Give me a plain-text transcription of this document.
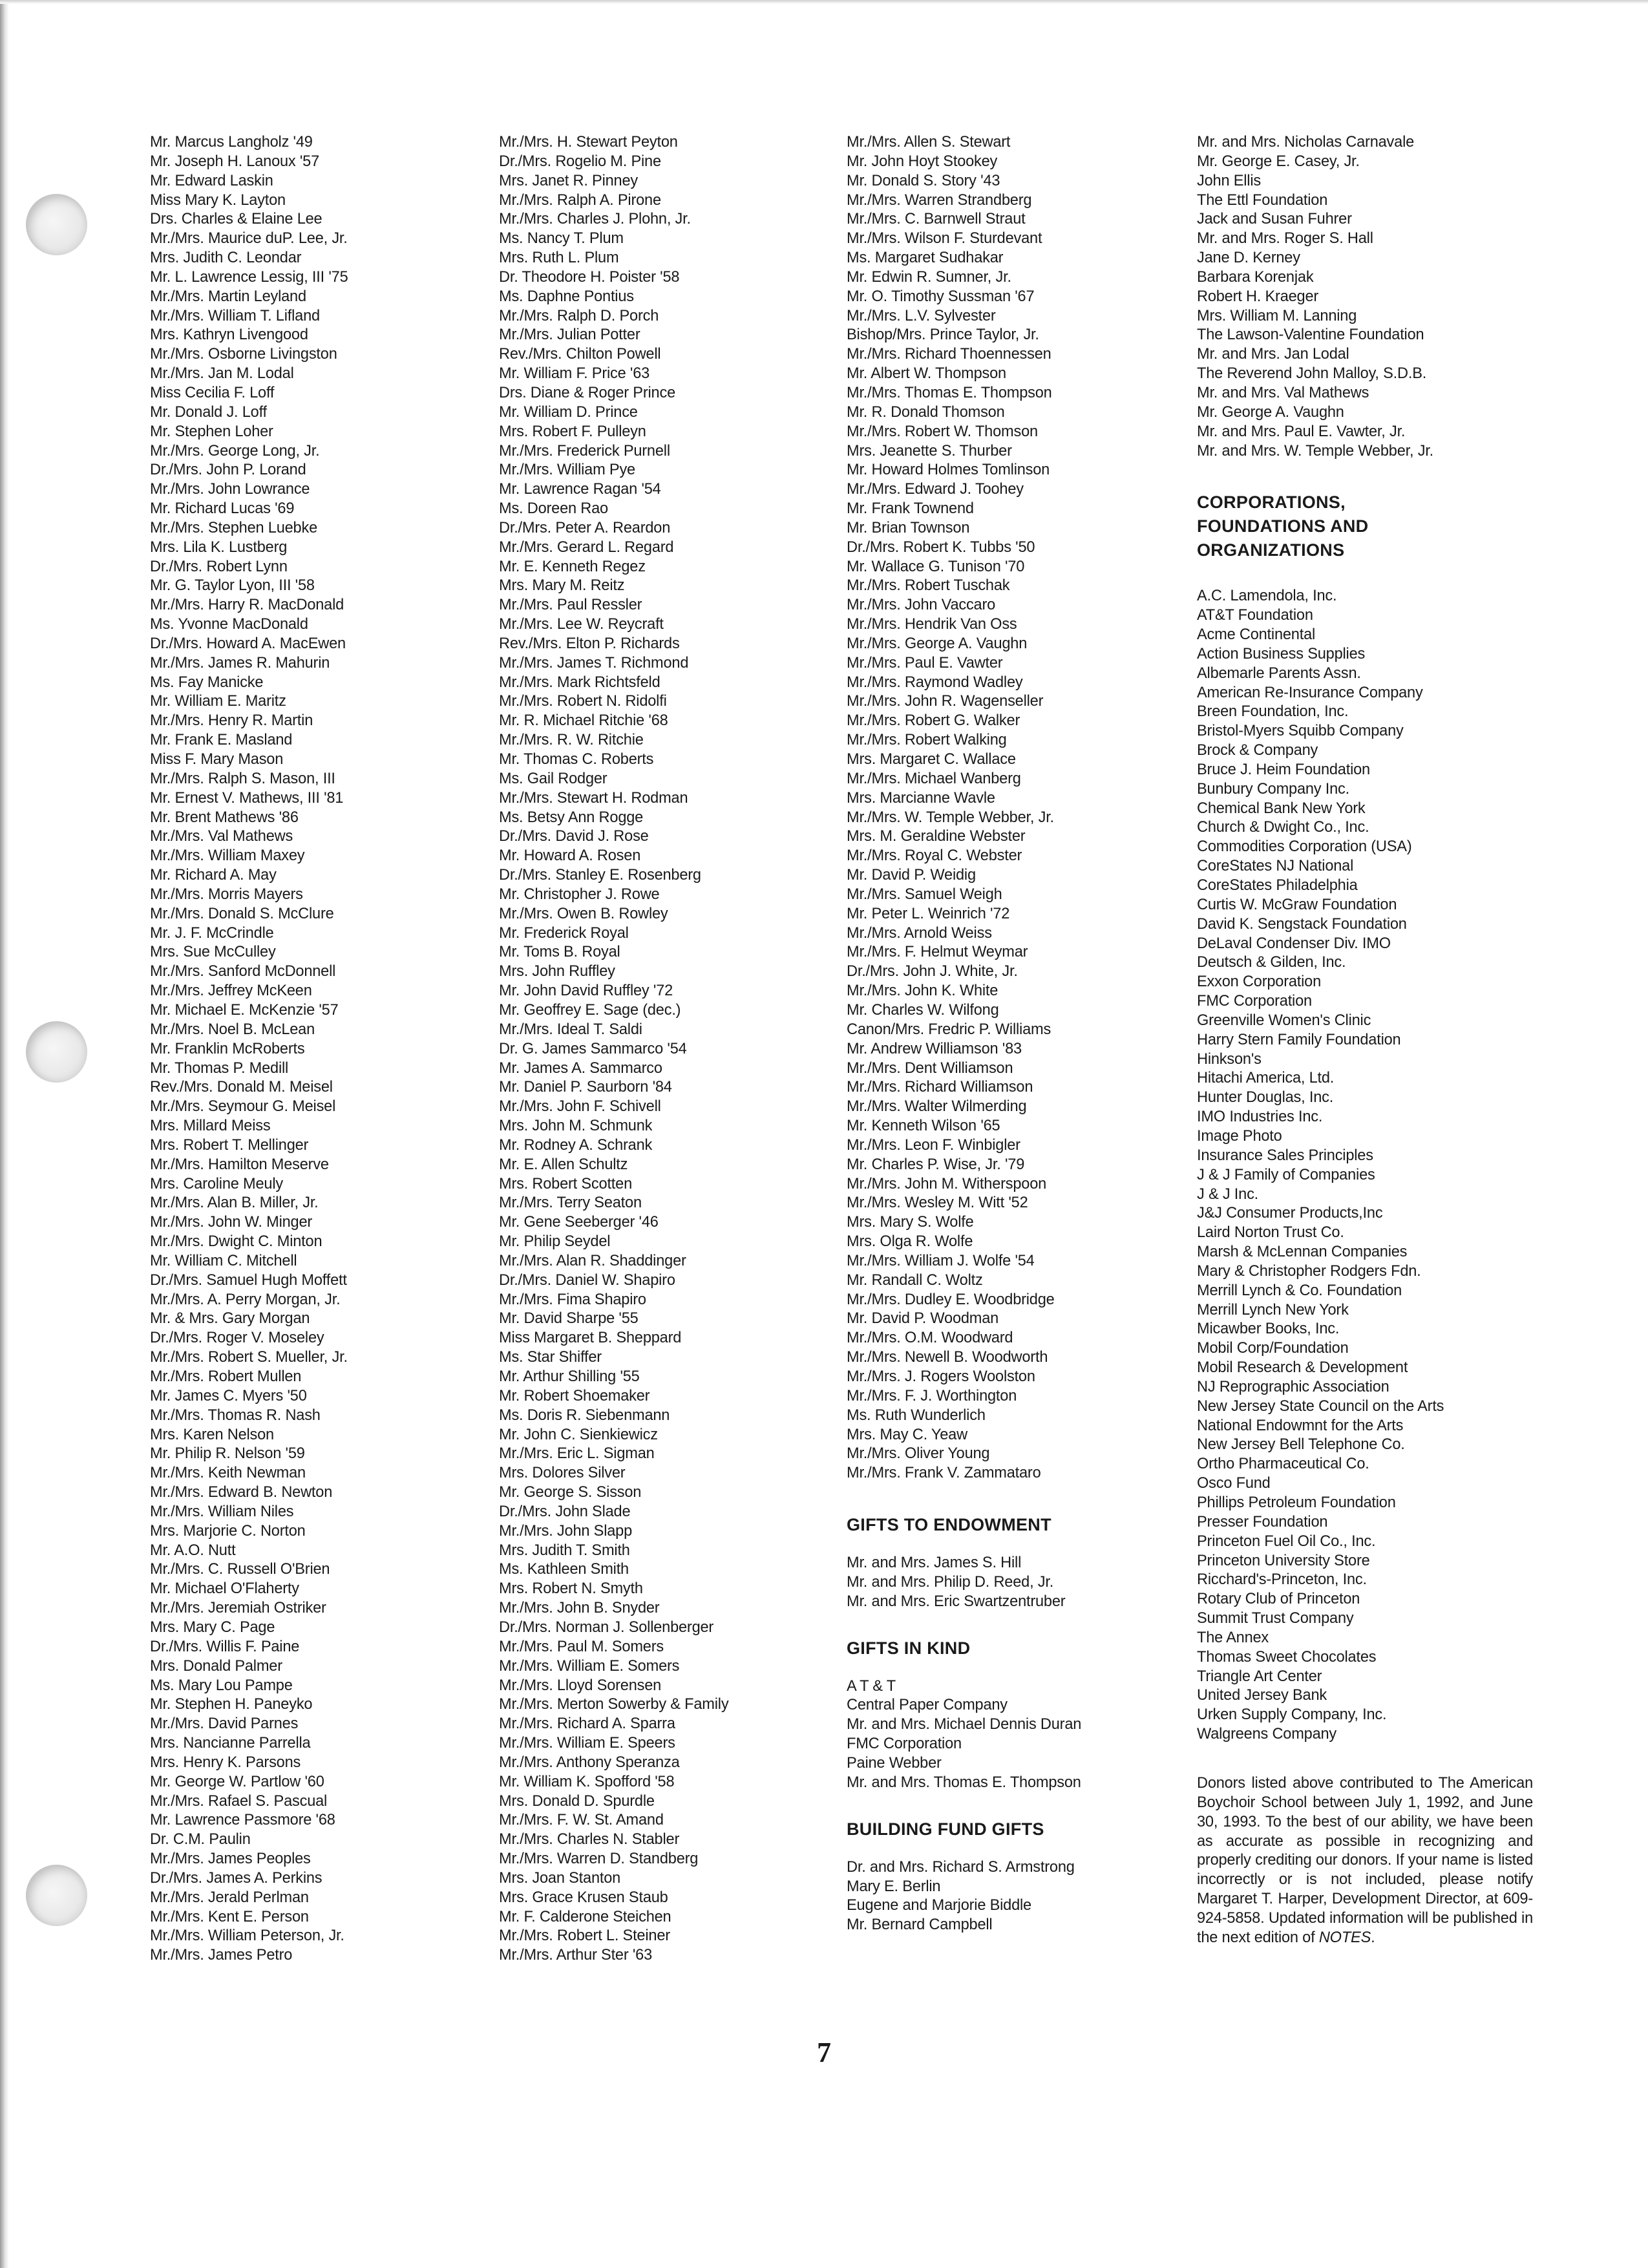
Mr. Marcus Langholz '49
Mr. Joseph H. Lanoux '57
Mr. Edward Laskin
Miss Mary K. Layton
Drs. Charles & Elaine Lee
Mr./Mrs. Maurice duP. Lee, Jr.
Mrs. Judith C. Leondar
Mr. L. Lawrence Lessig, III '75
Mr./Mrs. Martin Leyland
Mr./Mrs. William T. Lifland
Mrs. Kathryn Livengood
Mr./Mrs. Osborne Livingston
Mr./Mrs. Jan M. Lodal
Miss Cecilia F. Loff
Mr. Donald J. Loff
Mr. Stephen Loher
Mr./Mrs. George Long, Jr.
Dr./Mrs. John P. Lorand
Mr./Mrs. John Lowrance
Mr. Richard Lucas '69
Mr./Mrs. Stephen Luebke
Mrs. Lila K. Lustberg
Dr./Mrs. Robert Lynn
Mr. G. Taylor Lyon, III '58
Mr./Mrs. Harry R. MacDonald
Ms. Yvonne MacDonald
Dr./Mrs. Howard A. MacEwen
Mr./Mrs. James R. Mahurin
Ms. Fay Manicke
Mr. William E. Maritz
Mr./Mrs. Henry R. Martin
Mr. Frank E. Masland
Miss F. Mary Mason
Mr./Mrs. Ralph S. Mason, III
Mr. Ernest V. Mathews, III '81
Mr. Brent Mathews '86
Mr./Mrs. Val Mathews
Mr./Mrs. William Maxey
Mr. Richard A. May
Mr./Mrs. Morris Mayers
Mr./Mrs. Donald S. McClure
Mr. J. F. McCrindle
Mrs. Sue McCulley
Mr./Mrs. Sanford McDonnell
Mr./Mrs. Jeffrey McKeen
Mr. Michael E. McKenzie '57
Mr./Mrs. Noel B. McLean
Mr. Franklin McRoberts
Mr. Thomas P. Medill
Rev./Mrs. Donald M. Meisel
Mr./Mrs. Seymour G. Meisel
Mrs. Millard Meiss
Mrs. Robert T. Mellinger
Mr./Mrs. Hamilton Meserve
Mrs. Caroline Meuly
Mr./Mrs. Alan B. Miller, Jr.
Mr./Mrs. John W. Minger
Mr./Mrs. Dwight C. Minton
Mr. William C. Mitchell
Dr./Mrs. Samuel Hugh Moffett
Mr./Mrs. A. Perry Morgan, Jr.
Mr. & Mrs. Gary Morgan
Dr./Mrs. Roger V. Moseley
Mr./Mrs. Robert S. Mueller, Jr.
Mr./Mrs. Robert Mullen
Mr. James C. Myers '50
Mr./Mrs. Thomas R. Nash
Mrs. Karen Nelson
Mr. Philip R. Nelson '59
Mr./Mrs. Keith Newman
Mr./Mrs. Edward B. Newton
Mr./Mrs. William Niles
Mrs. Marjorie C. Norton
Mr. A.O. Nutt
Mr./Mrs. C. Russell O'Brien
Mr. Michael O'Flaherty
Mr./Mrs. Jeremiah Ostriker
Mrs. Mary C. Page
Dr./Mrs. Willis F. Paine
Mrs. Donald Palmer
Ms. Mary Lou Pampe
Mr. Stephen H. Paneyko
Mr./Mrs. David Parnes
Mrs. Nancianne Parrella
Mrs. Henry K. Parsons
Mr. George W. Partlow '60
Mr./Mrs. Rafael S. Pascual
Mr. Lawrence Passmore '68
Dr. C.M. Paulin
Mr./Mrs. James Peoples
Dr./Mrs. James A. Perkins
Mr./Mrs. Jerald Perlman
Mr./Mrs. Kent E. Person
Mr./Mrs. William Peterson, Jr.
Mr./Mrs. James Petro
Mr./Mrs. H. Stewart Peyton
Dr./Mrs. Rogelio M. Pine
Mrs. Janet R. Pinney
Mr./Mrs. Ralph A. Pirone
Mr./Mrs. Charles J. Plohn, Jr.
Ms. Nancy T. Plum
Mrs. Ruth L. Plum
Dr. Theodore H. Poister '58
Ms. Daphne Pontius
Mr./Mrs. Ralph D. Porch
Mr./Mrs. Julian Potter
Rev./Mrs. Chilton Powell
Mr. William F. Price '63
Drs. Diane & Roger Prince
Mr. William D. Prince
Mrs. Robert F. Pulleyn
Mr./Mrs. Frederick Purnell
Mr./Mrs. William Pye
Mr. Lawrence Ragan '54
Ms. Doreen Rao
Dr./Mrs. Peter A. Reardon
Mr./Mrs. Gerard L. Regard
Mr. E. Kenneth Regez
Mrs. Mary M. Reitz
Mr./Mrs. Paul Ressler
Mr./Mrs. Lee W. Reycraft
Rev./Mrs. Elton P. Richards
Mr./Mrs. James T. Richmond
Mr./Mrs. Mark Richtsfeld
Mr./Mrs. Robert N. Ridolfi
Mr. R. Michael Ritchie '68
Mr./Mrs. R. W. Ritchie
Mr. Thomas C. Roberts
Ms. Gail Rodger
Mr./Mrs. Stewart H. Rodman
Ms. Betsy Ann Rogge
Dr./Mrs. David J. Rose
Mr. Howard A. Rosen
Dr./Mrs. Stanley E. Rosenberg
Mr. Christopher J. Rowe
Mr./Mrs. Owen B. Rowley
Mr. Frederick Royal
Mr. Toms B. Royal
Mrs. John Ruffley
Mr. John David Ruffley '72
Mr. Geoffrey E. Sage (dec.)
Mr./Mrs. Ideal T. Saldi
Dr. G. James Sammarco '54
Mr. James A. Sammarco
Mr. Daniel P. Saurborn '84
Mr./Mrs. John F. Schivell
Mrs. John M. Schmunk
Mr. Rodney A. Schrank
Mr. E. Allen Schultz
Mrs. Robert Scotten
Mr./Mrs. Terry Seaton
Mr. Gene Seeberger '46
Mr. Philip Seydel
Mr./Mrs. Alan R. Shaddinger
Dr./Mrs. Daniel W. Shapiro
Mr./Mrs. Fima Shapiro
Mr. David Sharpe '55
Miss Margaret B. Sheppard
Ms. Star Shiffer
Mr. Arthur Shilling '55
Mr. Robert Shoemaker
Ms. Doris R. Siebenmann
Mr. John C. Sienkiewicz
Mr./Mrs. Eric L. Sigman
Mrs. Dolores Silver
Mr. George S. Sisson
Dr./Mrs. John Slade
Mr./Mrs. John Slapp
Mrs. Judith T. Smith
Ms. Kathleen Smith
Mrs. Robert N. Smyth
Mr./Mrs. John B. Snyder
Dr./Mrs. Norman J. Sollenberger
Mr./Mrs. Paul M. Somers
Mr./Mrs. William E. Somers
Mr./Mrs. Lloyd Sorensen
Mr./Mrs. Merton Sowerby & Family
Mr./Mrs. Richard A. Sparra
Mr./Mrs. William E. Speers
Mr./Mrs. Anthony Speranza
Mr. William K. Spofford '58
Mrs. Donald D. Spurdle
Mr./Mrs. F. W. St. Amand
Mr./Mrs. Charles N. Stabler
Mr./Mrs. Warren D. Standberg
Mrs. Joan Stanton
Mrs. Grace Krusen Staub
Mr. F. Calderone Steichen
Mr./Mrs. Robert L. Steiner
Mr./Mrs. Arthur Ster '63
Mr./Mrs. Allen S. Stewart
Mr. John Hoyt Stookey
Mr. Donald S. Story '43
Mr./Mrs. Warren Strandberg
Mr./Mrs. C. Barnwell Straut
Mr./Mrs. Wilson F. Sturdevant
Ms. Margaret Sudhakar
Mr. Edwin R. Sumner, Jr.
Mr. O. Timothy Sussman '67
Mr./Mrs. L.V. Sylvester
Bishop/Mrs. Prince Taylor, Jr.
Mr./Mrs. Richard Thoennessen
Mr. Albert W. Thompson
Mr./Mrs. Thomas E. Thompson
Mr. R. Donald Thomson
Mr./Mrs. Robert W. Thomson
Mrs. Jeanette S. Thurber
Mr. Howard Holmes Tomlinson
Mr./Mrs. Edward J. Toohey
Mr. Frank Townend
Mr. Brian Townson
Dr./Mrs. Robert K. Tubbs '50
Mr. Wallace G. Tunison '70
Mr./Mrs. Robert Tuschak
Mr./Mrs. John Vaccaro
Mr./Mrs. Hendrik Van Oss
Mr./Mrs. George A. Vaughn
Mr./Mrs. Paul E. Vawter
Mr./Mrs. Raymond Wadley
Mr./Mrs. John R. Wagenseller
Mr./Mrs. Robert G. Walker
Mr./Mrs. Robert Walking
Mrs. Margaret C. Wallace
Mr./Mrs. Michael Wanberg
Mrs. Marcianne Wavle
Mr./Mrs. W. Temple Webber, Jr.
Mrs. M. Geraldine Webster
Mr./Mrs. Royal C. Webster
Mr. David P. Weidig
Mr./Mrs. Samuel Weigh
Mr. Peter L. Weinrich '72
Mr./Mrs. Arnold Weiss
Mr./Mrs. F. Helmut Weymar
Dr./Mrs. John J. White, Jr.
Mr./Mrs. John K. White
Mr. Charles W. Wilfong
Canon/Mrs. Fredric P. Williams
Mr. Andrew Williamson '83
Mr./Mrs. Dent Williamson
Mr./Mrs. Richard Williamson
Mr./Mrs. Walter Wilmerding
Mr. Kenneth Wilson '65
Mr./Mrs. Leon F. Winbigler
Mr. Charles P. Wise, Jr. '79
Mr./Mrs. John M. Witherspoon
Mr./Mrs. Wesley M. Witt '52
Mrs. Mary S. Wolfe
Mrs. Olga R. Wolfe
Mr./Mrs. William J. Wolfe '54
Mr. Randall C. Woltz
Mr./Mrs. Dudley E. Woodbridge
Mr. David P. Woodman
Mr./Mrs. O.M. Woodward
Mr./Mrs. Newell B. Woodworth
Mr./Mrs. J. Rogers Woolston
Mr./Mrs. F. J. Worthington
Ms. Ruth Wunderlich
Mrs. May C. Yeaw
Mr./Mrs. Oliver Young
Mr./Mrs. Frank V. Zammataro
GIFTS TO ENDOWMENT
Mr. and Mrs. James S. Hill
Mr. and Mrs. Philip D. Reed, Jr.
Mr. and Mrs. Eric Swartzentruber
GIFTS IN KIND
A T & T
Central Paper Company
Mr. and Mrs. Michael Dennis Duran
FMC Corporation
Paine Webber
Mr. and Mrs. Thomas E. Thompson
BUILDING FUND GIFTS
Dr. and Mrs. Richard S. Armstrong
Mary E. Berlin
Eugene and Marjorie Biddle
Mr. Bernard Campbell
Mr. and Mrs. Nicholas Carnavale
Mr. George E. Casey, Jr.
John Ellis
The Ettl Foundation
Jack and Susan Fuhrer
Mr. and Mrs. Roger S. Hall
Jane D. Kerney
Barbara Korenjak
Robert H. Kraeger
Mrs. William M. Lanning
The Lawson-Valentine Foundation
Mr. and Mrs. Jan Lodal
The Reverend John Malloy, S.D.B.
Mr. and Mrs. Val Mathews
Mr. George A. Vaughn
Mr. and Mrs. Paul E. Vawter, Jr.
Mr. and Mrs. W. Temple Webber, Jr.
CORPORATIONS,
FOUNDATIONS AND
ORGANIZATIONS
A.C. Lamendola, Inc.
AT&T Foundation
Acme Continental
Action Business Supplies
Albemarle Parents Assn.
American Re-Insurance Company
Breen Foundation, Inc.
Bristol-Myers Squibb Company
Brock & Company
Bruce J. Heim Foundation
Bunbury Company Inc.
Chemical Bank New York
Church & Dwight Co., Inc.
Commodities Corporation (USA)
CoreStates NJ National
CoreStates Philadelphia
Curtis W. McGraw Foundation
David K. Sengstack Foundation
DeLaval Condenser Div. IMO
Deutsch & Gilden, Inc.
Exxon Corporation
FMC Corporation
Greenville Women's Clinic
Harry Stern Family Foundation
Hinkson's
Hitachi America, Ltd.
Hunter Douglas, Inc.
IMO Industries Inc.
Image Photo
Insurance Sales Principles
J & J Family of Companies
J & J Inc.
J&J Consumer Products,Inc
Laird Norton Trust Co.
Marsh & McLennan Companies
Mary & Christopher Rodgers Fdn.
Merrill Lynch & Co. Foundation
Merrill Lynch New York
Micawber Books, Inc.
Mobil Corp/Foundation
Mobil Research & Development
NJ Reprographic Association
New Jersey State Council on the Arts
National Endowmnt for the Arts
New Jersey Bell Telephone Co.
Ortho Pharmaceutical Co.
Osco Fund
Phillips Petroleum Foundation
Presser Foundation
Princeton Fuel Oil Co., Inc.
Princeton University Store
Ricchard's-Princeton, Inc.
Rotary Club of Princeton
Summit Trust Company
The Annex
Thomas Sweet Chocolates
Triangle Art Center
United Jersey Bank
Urken Supply Company, Inc.
Walgreens Company

Donors listed above contributed to The American Boychoir School between July 1, 1992, and June 30, 1993. To the best of our ability, we have been as accurate as possible in recognizing and properly crediting our donors. If your name is listed incorrectly or is not included, please notify Margaret T. Harper, Development Director, at 609-924-5858. Updated information will be published in the next edition of NOTES.

7
